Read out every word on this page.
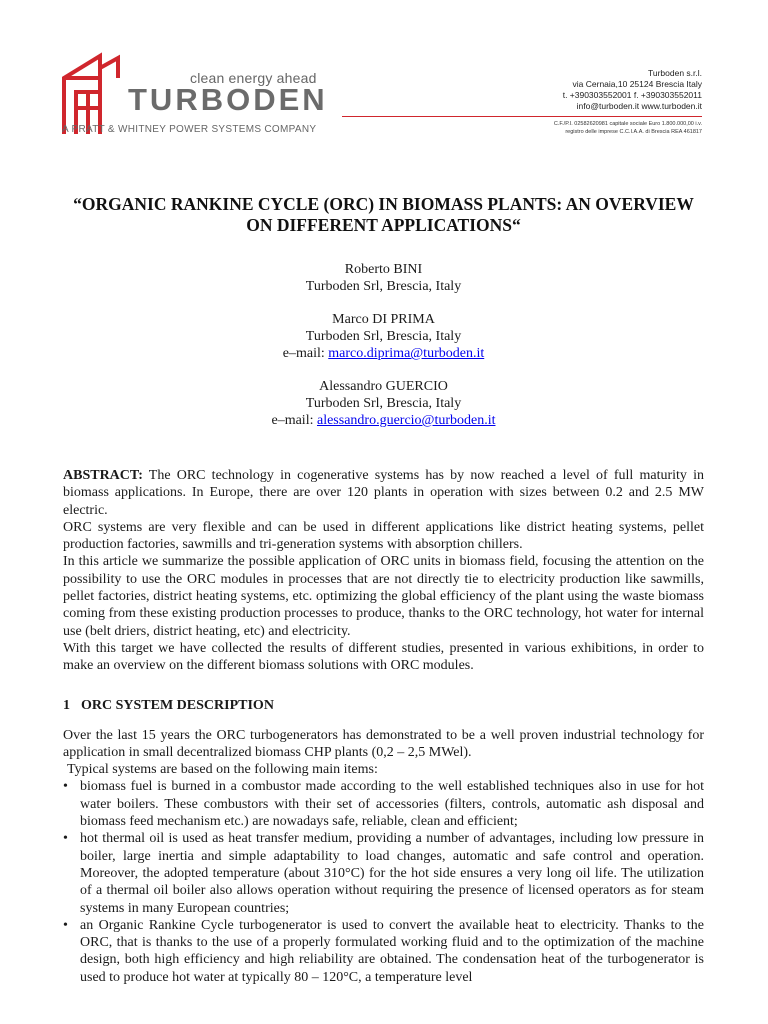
clean energy ahead
TURBODEN
A PRATT & WHITNEY POWER SYSTEMS COMPANY
Turboden s.r.l.
via Cernaia,10 25124 Brescia Italy
t. +390303552001 f. +390303552011
info@turboden.it www.turboden.it
C.F./P.I. 02582620981 capitale sociale Euro 1.800.000,00 i.v.
registro delle imprese C.C.I.A.A. di Brescia REA 461817
“ORGANIC RANKINE CYCLE (ORC) IN BIOMASS PLANTS: AN OVERVIEW ON DIFFERENT APPLICATIONS“
Roberto BINI
Turboden Srl, Brescia, Italy
Marco DI PRIMA
Turboden Srl, Brescia, Italy
e–mail: marco.diprima@turboden.it
Alessandro GUERCIO
Turboden Srl, Brescia, Italy
e–mail: alessandro.guercio@turboden.it

ABSTRACT: The ORC technology in cogenerative systems has by now reached a level of full maturity in biomass applications. In Europe, there are over 120 plants in operation with sizes between 0.2 and 2.5 MW electric.

ORC systems are very flexible and can be used in different applications like district heating systems, pellet production factories, sawmills and tri-generation systems with absorption chillers.

In this article we summarize the possible application of ORC units in biomass field, focusing the attention on the possibility to use the ORC modules in processes that are not directly tie to electricity production like sawmills, pellet factories, district heating systems, etc. optimizing the global efficiency of the plant using the waste biomass coming from these existing production processes to produce, thanks to the ORC technology, hot water for internal use (belt driers, district heating, etc) and electricity.

With this target we have collected the results of different studies, presented in various exhibitions, in order to make an overview on the different biomass solutions with ORC modules.

1 ORC SYSTEM DESCRIPTION

Over the last 15 years the ORC turbogenerators has demonstrated to be a well proven industrial technology for application in small decentralized biomass CHP plants (0,2 – 2,5 MWel).

Typical systems are based on the following main items:

• biomass fuel is burned in a combustor made according to the well established techniques also in use for hot water boilers. These combustors with their set of accessories (filters, controls, automatic ash disposal and biomass feed mechanism etc.) are nowadays safe, reliable, clean and efficient;
• hot thermal oil is used as heat transfer medium, providing a number of advantages, including low pressure in boiler, large inertia and simple adaptability to load changes, automatic and safe control and operation. Moreover, the adopted temperature (about 310°C) for the hot side ensures a very long oil life. The utilization of a thermal oil boiler also allows operation without requiring the presence of licensed operators as for steam systems in many European countries;
• an Organic Rankine Cycle turbogenerator is used to convert the available heat to electricity. Thanks to the ORC, that is thanks to the use of a properly formulated working fluid and to the optimization of the machine design, both high efficiency and high reliability are obtained. The condensation heat of the turbogenerator is used to produce hot water at typically 80 – 120°C, a temperature level
